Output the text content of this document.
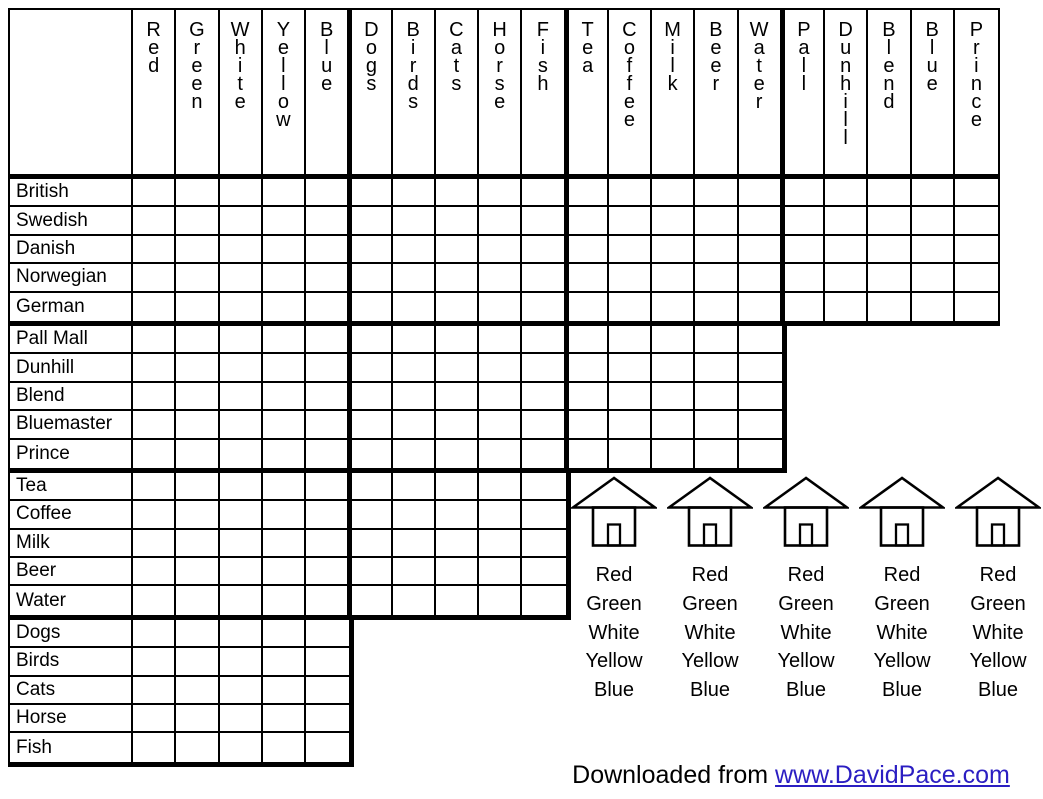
R
e
d
G
r
e
e
n
W
h
i
t
e
Y
e
l
l
o
w
B
l
u
e
D
o
g
s
B
i
r
d
s
C
a
t
s
H
o
r
s
e
F
i
s
h
T
e
a
C
o
f
f
e
e
M
i
l
k
B
e
e
r
W
a
t
e
r
P
a
l
l
D
u
n
h
i
l
l
B
l
e
n
d
B
l
u
e
P
r
i
n
c
e
British
Swedish
Danish
Norwegian
German
Pall Mall
Dunhill
Blend
Bluemaster
Prince
Tea
Coffee
Milk
Beer
Water
Dogs
Birds
Cats
Horse
Fish
Red
Green
White
Yellow
Blue
Red
Green
White
Yellow
Blue
Red
Green
White
Yellow
Blue
Red
Green
White
Yellow
Blue
Red
Green
White
Yellow
Blue
Downloaded from www.DavidPace.com
